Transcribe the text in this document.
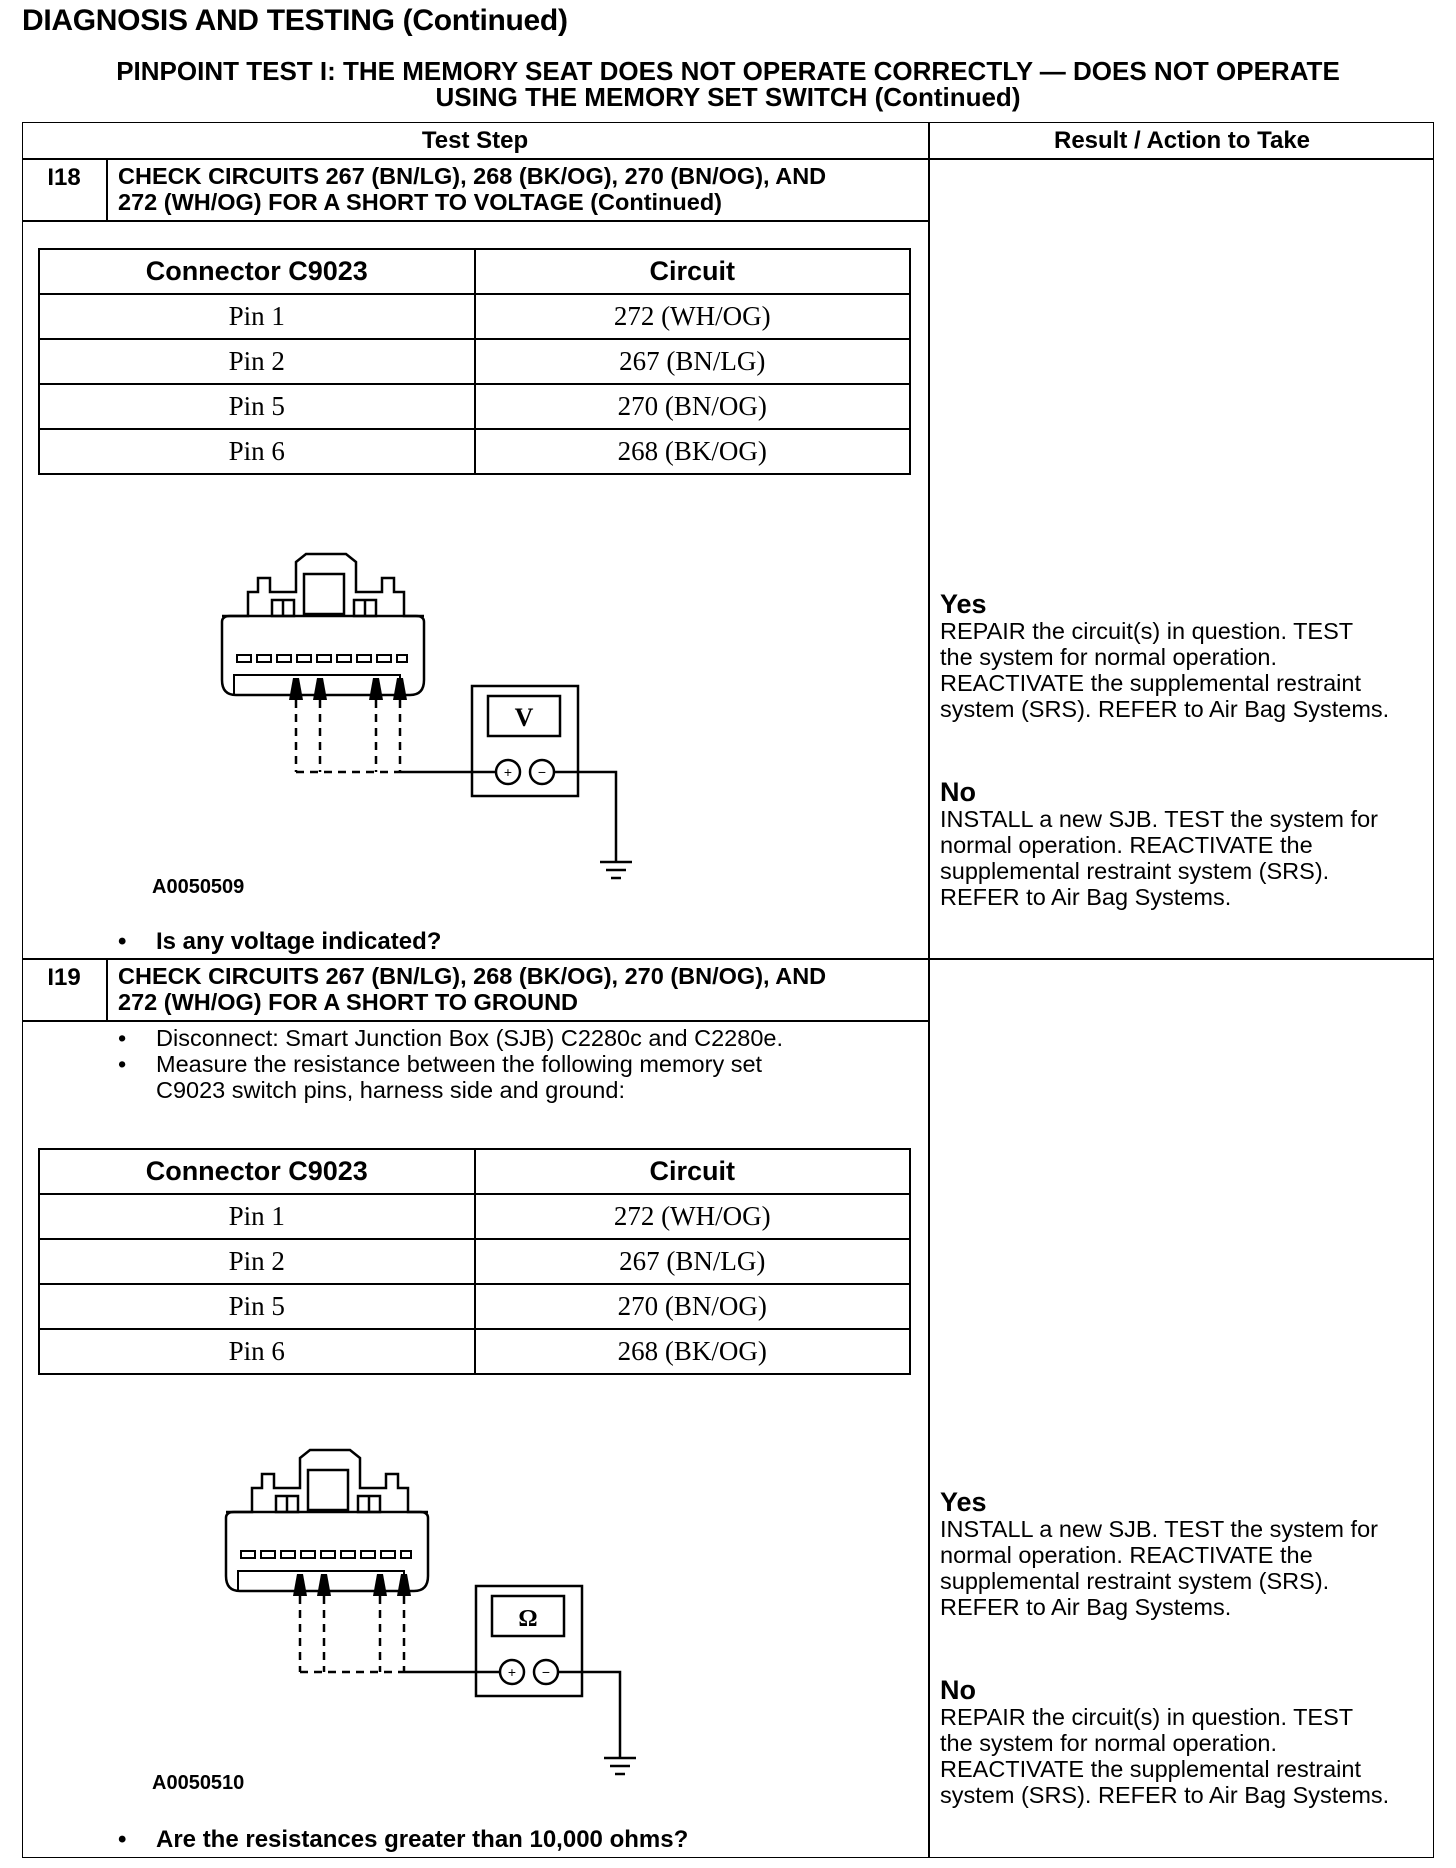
DIAGNOSIS AND TESTING (Continued)
PINPOINT TEST I: THE MEMORY SEAT DOES NOT OPERATE CORRECTLY — DOES NOT OPERATE
USING THE MEMORY SET SWITCH (Continued)
Test Step	Result / Action to Take
I18	CHECK CIRCUITS 267 (BN/LG), 268 (BK/OG), 270 (BN/OG), AND
272 (WH/OG) FOR A SHORT TO VOLTAGE (Continued)
Connector C9023	Circuit
Pin 1	272 (WH/OG)
Pin 2	267 (BN/LG)
Pin 5	270 (BN/OG)
Pin 6	268 (BK/OG)
+ −
V
A0050509
• Is any voltage indicated?
Yes
REPAIR the circuit(s) in question. TEST
the system for normal operation.
REACTIVATE the supplemental restraint
system (SRS). REFER to Air Bag Systems.
No
INSTALL a new SJB. TEST the system for
normal operation. REACTIVATE the
supplemental restraint system (SRS).
REFER to Air Bag Systems.
I19	CHECK CIRCUITS 267 (BN/LG), 268 (BK/OG), 270 (BN/OG), AND
272 (WH/OG) FOR A SHORT TO GROUND
• Disconnect: Smart Junction Box (SJB) C2280c and C2280e.
• Measure the resistance between the following memory set
C9023 switch pins, harness side and ground:
Connector C9023	Circuit
Pin 1	272 (WH/OG)
Pin 2	267 (BN/LG)
Pin 5	270 (BN/OG)
Pin 6	268 (BK/OG)
+ −
Ω
A0050510
• Are the resistances greater than 10,000 ohms?
Yes
INSTALL a new SJB. TEST the system for
normal operation. REACTIVATE the
supplemental restraint system (SRS).
REFER to Air Bag Systems.
No
REPAIR the circuit(s) in question. TEST
the system for normal operation.
REACTIVATE the supplemental restraint
system (SRS). REFER to Air Bag Systems.
